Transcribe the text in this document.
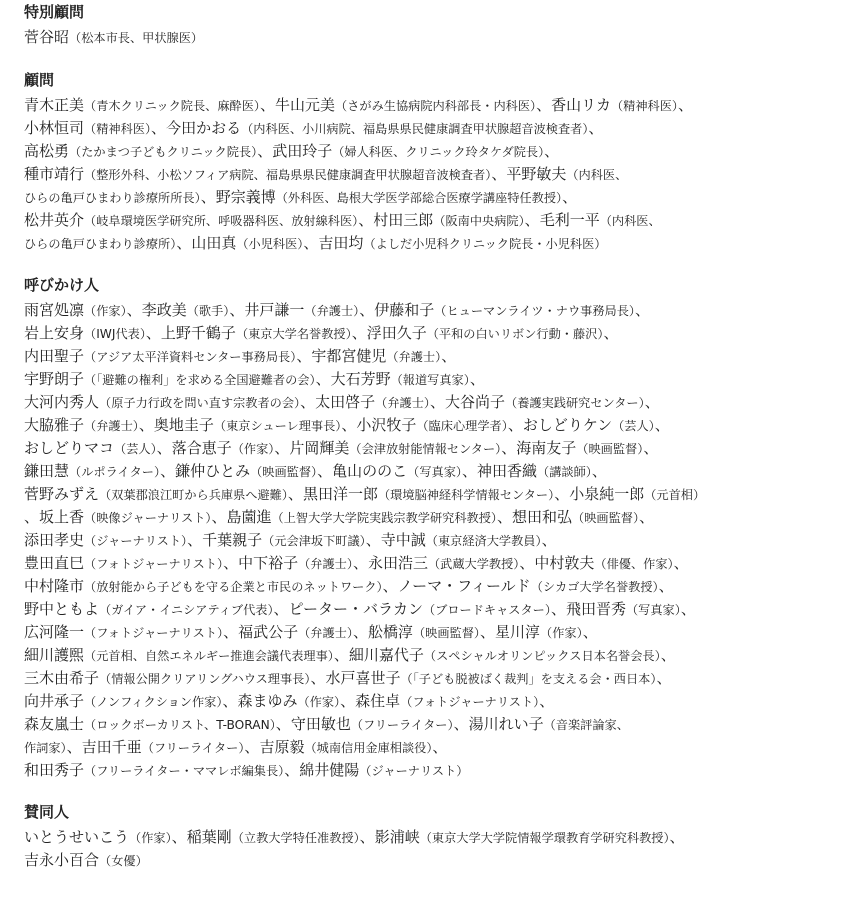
特別顧問
菅谷昭（松本市長、甲状腺医）
顧問
青木正美（青木クリニック院長、麻酔医）、牛山元美（さがみ生協病院内科部長・内科医）、香山リカ（精神科医）、
小林恒司（精神科医）、今田かおる（内科医、小川病院、福島県県民健康調査甲状腺超音波検査者）、
高松勇（たかまつ子どもクリニック院長）、武田玲子（婦人科医、クリニック玲タケダ院長）、
種市靖行（整形外科、小松ソフィア病院、福島県県民健康調査甲状腺超音波検査者）、平野敏夫（内科医、
ひらの亀戸ひまわり診療所所長）、野宗義博（外科医、島根大学医学部総合医療学講座特任教授）、
松井英介（岐阜環境医学研究所、呼吸器科医、放射線科医）、村田三郎（阪南中央病院）、毛利一平（内科医、
ひらの亀戸ひまわり診療所）、山田真（小児科医）、吉田均（よしだ小児科クリニック院長・小児科医）
呼びかけ人
雨宮処凛（作家）、李政美（歌手）、井戸謙一（弁護士）、伊藤和子（ヒューマンライツ・ナウ事務局長）、
岩上安身（IWJ代表）、上野千鶴子（東京大学名誉教授）、浮田久子（平和の白いリボン行動・藤沢）、
内田聖子（アジア太平洋資料センター事務局長）、宇都宮健児（弁護士）、
宇野朗子（「避難の権利」を求める全国避難者の会）、大石芳野（報道写真家）、
大河内秀人（原子力行政を問い直す宗教者の会）、太田啓子（弁護士）、大谷尚子（養護実践研究センター）、
大脇雅子（弁護士）、奥地圭子（東京シューレ理事長）、小沢牧子（臨床心理学者）、おしどりケン（芸人）、
おしどりマコ（芸人）、落合恵子（作家）、片岡輝美（会津放射能情報センター）、海南友子（映画監督）、
鎌田慧（ルポライター）、鎌仲ひとみ（映画監督）、亀山ののこ（写真家）、神田香織（講談師）、
菅野みずえ（双葉郡浪江町から兵庫県へ避難）、黒田洋一郎（環境脳神経科学情報センター）、小泉純一郎（元首相）
、坂上香（映像ジャーナリスト）、島薗進（上智大学大学院実践宗教学研究科教授）、想田和弘（映画監督）、
添田孝史（ジャーナリスト）、千葉親子（元会津坂下町議）、寺中誠（東京経済大学教員）、
豊田直巳（フォトジャーナリスト）、中下裕子（弁護士）、永田浩三（武蔵大学教授）、中村敦夫（俳優、作家）、
中村隆市（放射能から子どもを守る企業と市民のネットワーク）、ノーマ・フィールド（シカゴ大学名誉教授）、
野中ともよ（ガイア・イニシアティブ代表）、ピーター・バラカン（ブロードキャスター）、飛田晋秀（写真家）、
広河隆一（フォトジャーナリスト）、福武公子（弁護士）、舩橋淳（映画監督）、星川淳（作家）、
細川護煕（元首相、自然エネルギー推進会議代表理事）、細川嘉代子（スペシャルオリンピックス日本名誉会長）、
三木由希子（情報公開クリアリングハウス理事長）、水戸喜世子（「子ども脱被ばく裁判」を支える会・西日本）、
向井承子（ノンフィクション作家）、森まゆみ（作家）、森住卓（フォトジャーナリスト）、
森友嵐士（ロックボーカリスト、T-BORAN）、守田敏也（フリーライター）、湯川れい子（音楽評論家、
作詞家）、吉田千亜（フリーライター）、吉原毅（城南信用金庫相談役）、
和田秀子（フリーライター・ママレボ編集長）、綿井健陽（ジャーナリスト）
賛同人
いとうせいこう（作家）、稲葉剛（立教大学特任准教授）、影浦峡（東京大学大学院情報学環教育学研究科教授）、
吉永小百合（女優）
